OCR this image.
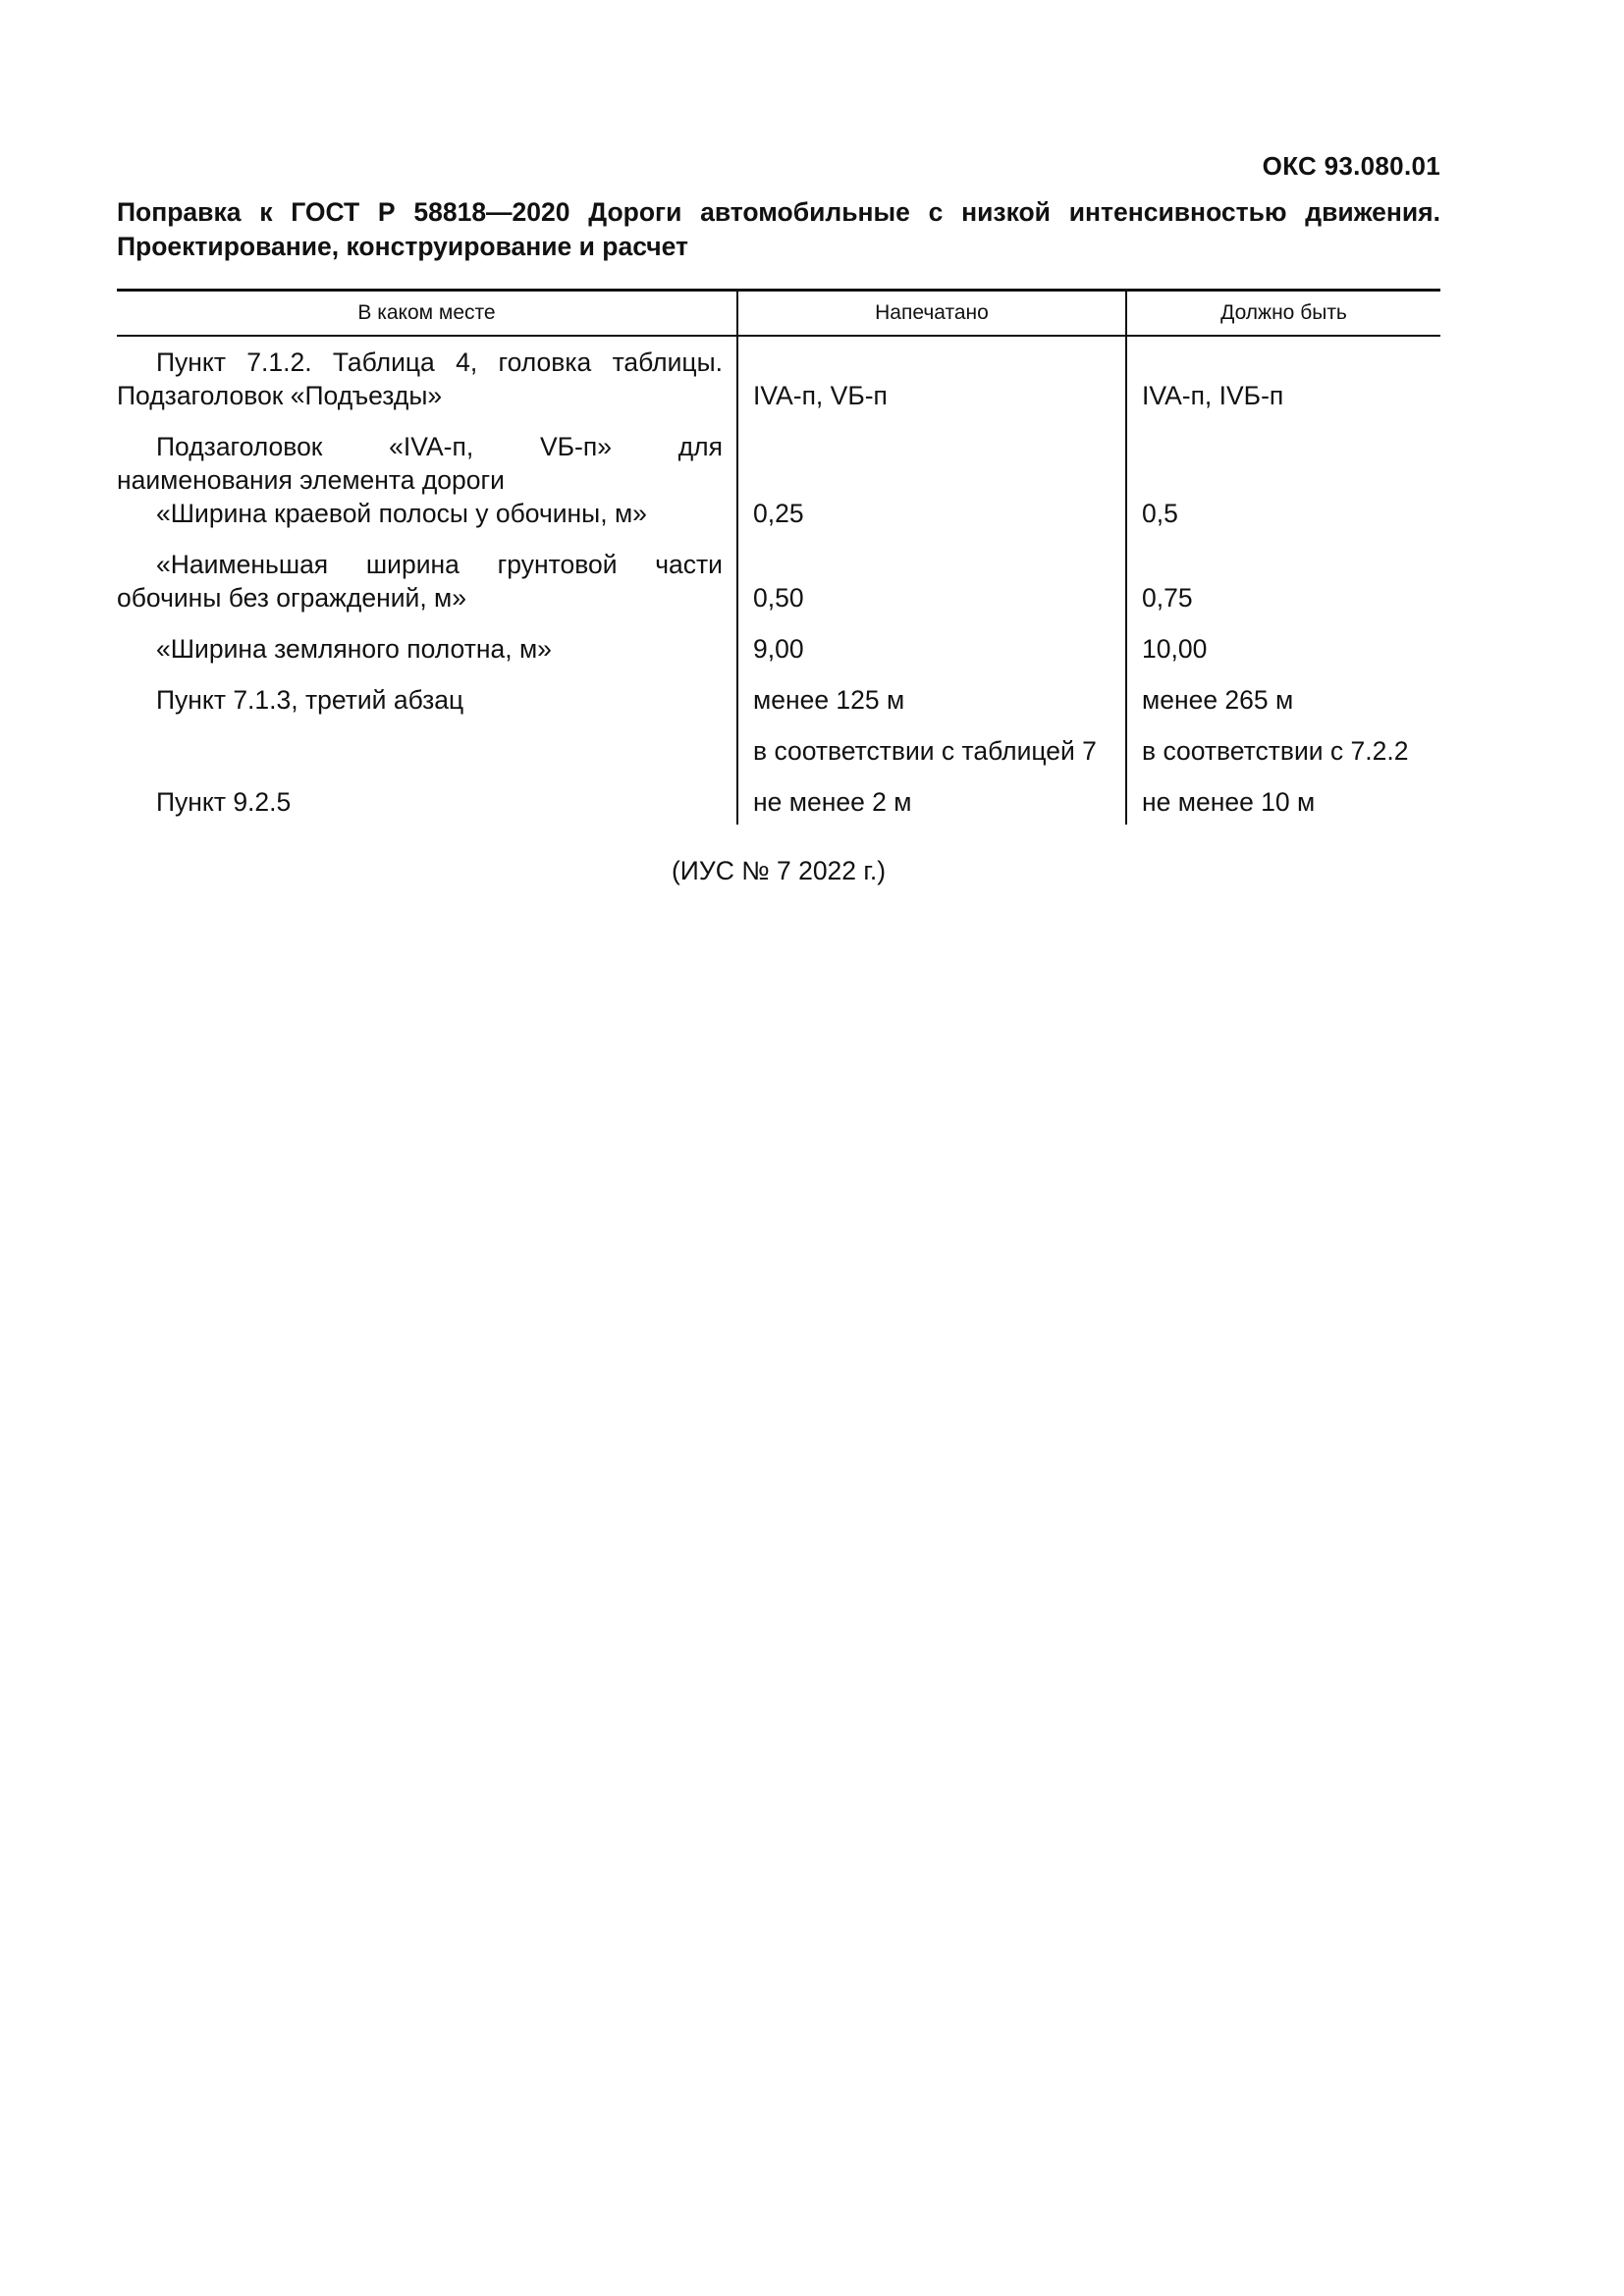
ОКС 93.080.01
Поправка к ГОСТ Р 58818—2020 Дороги автомобильные с низкой интенсивностью движения. Проектирование, конструирование и расчет
В каком месте	Напечатано	Должно быть

Пункт 7.1.2. Таблица 4, головка таблицы. Подзаголовок «Подъезды»	IVA-п, VБ-п	IVA-п, IVБ-п

Подзаголовок «IVA-п, VБ-п» для наименования элемента дороги
«Ширина краевой полосы у обочины, м»	0,25	0,5

«Наименьшая ширина грунтовой части обочины без ограждений, м»	0,50	0,75

«Ширина земляного полотна, м»	9,00	10,00

Пункт 7.1.3, третий абзац	менее 125 м	менее 265 м

	в соответствии с таблицей 7	в соответствии с 7.2.2

Пункт 9.2.5	не менее 2 м	не менее 10 м
(ИУС № 7 2022 г.)
